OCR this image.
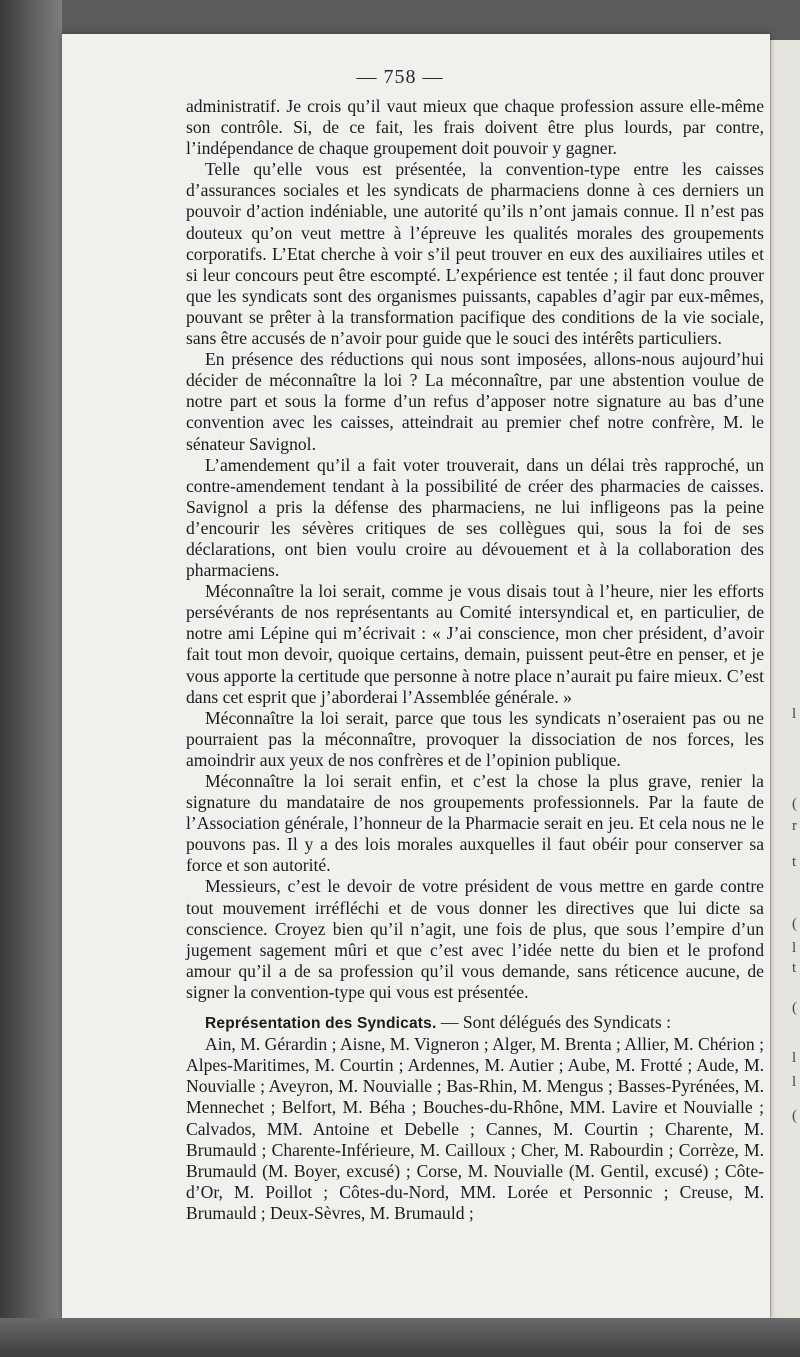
l
(
r
t
(
l
t
(
l
l
(
— 758 —

administratif. Je crois qu’il vaut mieux que chaque profession assure elle-même son contrôle. Si, de ce fait, les frais doivent être plus lourds, par contre, l’indépendance de chaque groupement doit pouvoir y gagner.

Telle qu’elle vous est présentée, la convention-type entre les caisses d’assurances sociales et les syndicats de pharmaciens donne à ces derniers un pouvoir d’action indéniable, une autorité qu’ils n’ont jamais connue. Il n’est pas douteux qu’on veut mettre à l’épreuve les qualités morales des groupements corporatifs. L’Etat cherche à voir s’il peut trouver en eux des auxiliaires utiles et si leur concours peut être escompté. L’expérience est tentée ; il faut donc prouver que les syndicats sont des organismes puissants, capables d’agir par eux-mêmes, pouvant se prêter à la transformation pacifique des conditions de la vie sociale, sans être accusés de n’avoir pour guide que le souci des intérêts particuliers.

En présence des réductions qui nous sont imposées, allons-nous aujourd’hui décider de méconnaître la loi ? La méconnaître, par une abstention voulue de notre part et sous la forme d’un refus d’apposer notre signature au bas d’une convention avec les caisses, atteindrait au premier chef notre confrère, M. le sénateur Savignol.

L’amendement qu’il a fait voter trouverait, dans un délai très rapproché, un contre-amendement tendant à la possibilité de créer des pharmacies de caisses. Savignol a pris la défense des pharmaciens, ne lui infligeons pas la peine d’encourir les sévères critiques de ses collègues qui, sous la foi de ses déclarations, ont bien voulu croire au dévouement et à la collaboration des pharmaciens.

Méconnaître la loi serait, comme je vous disais tout à l’heure, nier les efforts persévérants de nos représentants au Comité intersyndical et, en particulier, de notre ami Lépine qui m’écrivait : « J’ai conscience, mon cher président, d’avoir fait tout mon devoir, quoique certains, demain, puissent peut-être en penser, et je vous apporte la certitude que personne à notre place n’aurait pu faire mieux. C’est dans cet esprit que j’aborderai l’Assemblée générale. »

Méconnaître la loi serait, parce que tous les syndicats n’oseraient pas ou ne pourraient pas la méconnaître, provoquer la dissociation de nos forces, les amoindrir aux yeux de nos confrères et de l’opinion publique.

Méconnaître la loi serait enfin, et c’est la chose la plus grave, renier la signature du mandataire de nos groupements professionnels. Par la faute de l’Association générale, l’honneur de la Pharmacie serait en jeu. Et cela nous ne le pouvons pas. Il y a des lois morales auxquelles il faut obéir pour conserver sa force et son autorité.

Messieurs, c’est le devoir de votre président de vous mettre en garde contre tout mouvement irréfléchi et de vous donner les directives que lui dicte sa conscience. Croyez bien qu’il n’agit, une fois de plus, que sous l’empire d’un jugement sagement mûri et que c’est avec l’idée nette du bien et le profond amour qu’il a de sa profession qu’il vous demande, sans réticence aucune, de signer la convention-type qui vous est présentée.

Représentation des Syndicats. — Sont délégués des Syndicats :

Ain, M. Gérardin ; Aisne, M. Vigneron ; Alger, M. Brenta ; Allier, M. Chérion ; Alpes-Maritimes, M. Courtin ; Ardennes, M. Autier ; Aube, M. Frotté ; Aude, M. Nouvialle ; Aveyron, M. Nouvialle ; Bas-Rhin, M. Mengus ; Basses-Pyrénées, M. Mennechet ; Belfort, M. Béha ; Bouches-du-Rhône, MM. Lavire et Nouvialle ; Calvados, MM. Antoine et Debelle ; Cannes, M. Courtin ; Charente, M. Brumauld ; Charente-Inférieure, M. Cailloux ; Cher, M. Rabourdin ; Corrèze, M. Brumauld (M. Boyer, excusé) ; Corse, M. Nouvialle (M. Gentil, excusé) ; Côte-d’Or, M. Poillot ; Côtes-du-Nord, MM. Lorée et Personnic ; Creuse, M. Brumauld ; Deux-Sèvres, M. Brumauld ;
